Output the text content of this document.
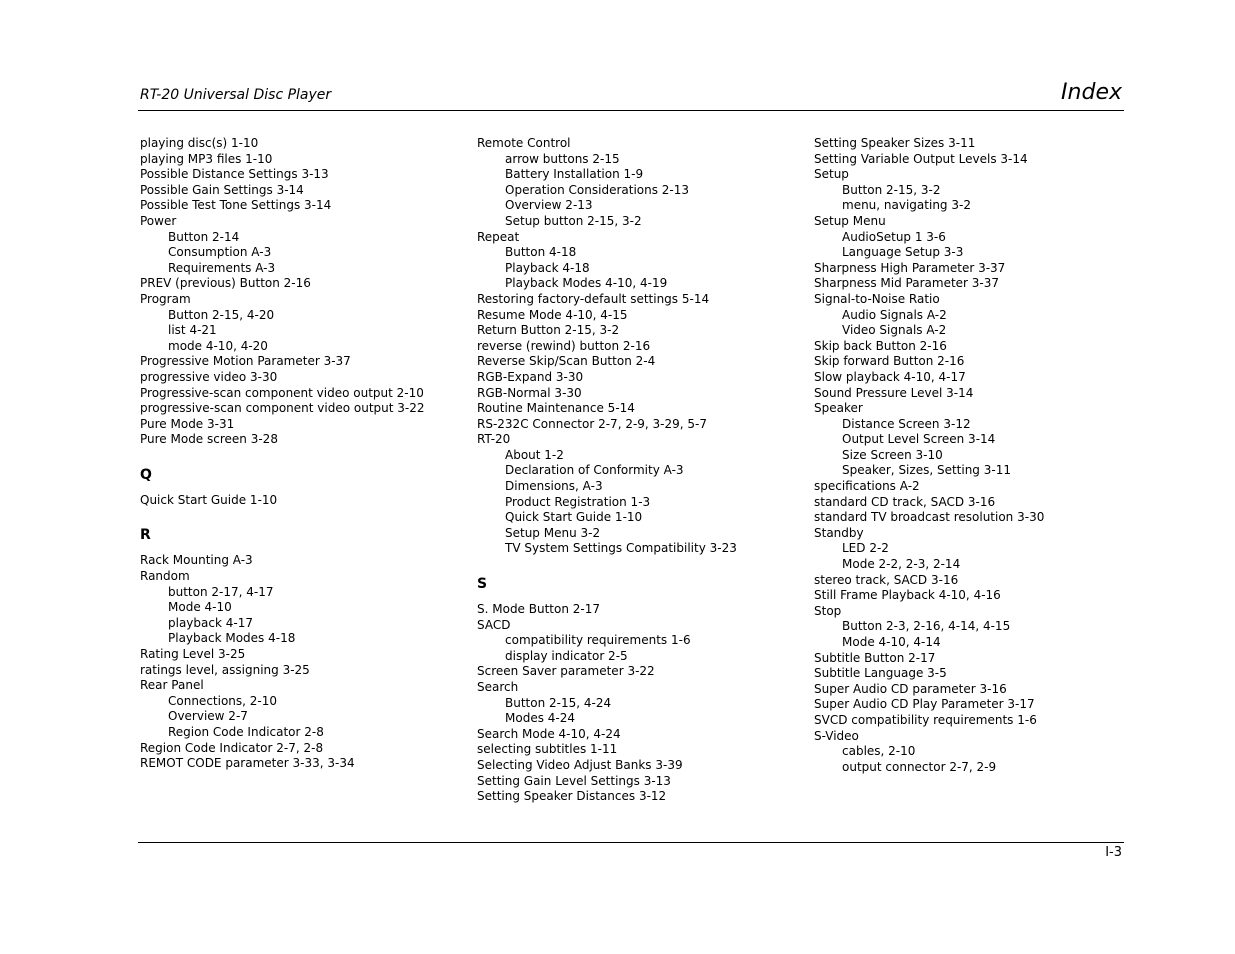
RT-20 Universal Disc Player	Index
playing disc(s) 1-10
playing MP3 files 1-10
Possible Distance Settings 3-13
Possible Gain Settings 3-14
Possible Test Tone Settings 3-14
Power
Button 2-14
Consumption A-3
Requirements A-3
PREV (previous) Button 2-16
Program
Button 2-15, 4-20
list 4-21
mode 4-10, 4-20
Progressive Motion Parameter 3-37
progressive video 3-30
Progressive-scan component video output 2-10
progressive-scan component video output 3-22
Pure Mode 3-31
Pure Mode screen 3-28
Q
Quick Start Guide 1-10
R
Rack Mounting A-3
Random
button 2-17, 4-17
Mode 4-10
playback 4-17
Playback Modes 4-18
Rating Level 3-25
ratings level, assigning 3-25
Rear Panel
Connections, 2-10
Overview 2-7
Region Code Indicator 2-8
Region Code Indicator 2-7, 2-8
REMOT CODE parameter 3-33, 3-34
Remote Control
arrow buttons 2-15
Battery Installation 1-9
Operation Considerations 2-13
Overview 2-13
Setup button 2-15, 3-2
Repeat
Button 4-18
Playback 4-18
Playback Modes 4-10, 4-19
Restoring factory-default settings 5-14
Resume Mode 4-10, 4-15
Return Button 2-15, 3-2
reverse (rewind) button 2-16
Reverse Skip/Scan Button 2-4
RGB-Expand 3-30
RGB-Normal 3-30
Routine Maintenance 5-14
RS-232C Connector 2-7, 2-9, 3-29, 5-7
RT-20
About 1-2
Declaration of Conformity A-3
Dimensions, A-3
Product Registration 1-3
Quick Start Guide 1-10
Setup Menu 3-2
TV System Settings Compatibility 3-23
S
S. Mode Button 2-17
SACD
compatibility requirements 1-6
display indicator 2-5
Screen Saver parameter 3-22
Search
Button 2-15, 4-24
Modes 4-24
Search Mode 4-10, 4-24
selecting subtitles 1-11
Selecting Video Adjust Banks 3-39
Setting Gain Level Settings 3-13
Setting Speaker Distances 3-12
Setting Speaker Sizes 3-11
Setting Variable Output Levels 3-14
Setup
Button 2-15, 3-2
menu, navigating 3-2
Setup Menu
AudioSetup 1 3-6
Language Setup 3-3
Sharpness High Parameter 3-37
Sharpness Mid Parameter 3-37
Signal-to-Noise Ratio
Audio Signals A-2
Video Signals A-2
Skip back Button 2-16
Skip forward Button 2-16
Slow playback 4-10, 4-17
Sound Pressure Level 3-14
Speaker
Distance Screen 3-12
Output Level Screen 3-14
Size Screen 3-10
Speaker, Sizes, Setting 3-11
specifications A-2
standard CD track, SACD 3-16
standard TV broadcast resolution 3-30
Standby
LED 2-2
Mode 2-2, 2-3, 2-14
stereo track, SACD 3-16
Still Frame Playback 4-10, 4-16
Stop
Button 2-3, 2-16, 4-14, 4-15
Mode 4-10, 4-14
Subtitle Button 2-17
Subtitle Language 3-5
Super Audio CD parameter 3-16
Super Audio CD Play Parameter 3-17
SVCD compatibility requirements 1-6
S-Video
cables, 2-10
output connector 2-7, 2-9
I-3
